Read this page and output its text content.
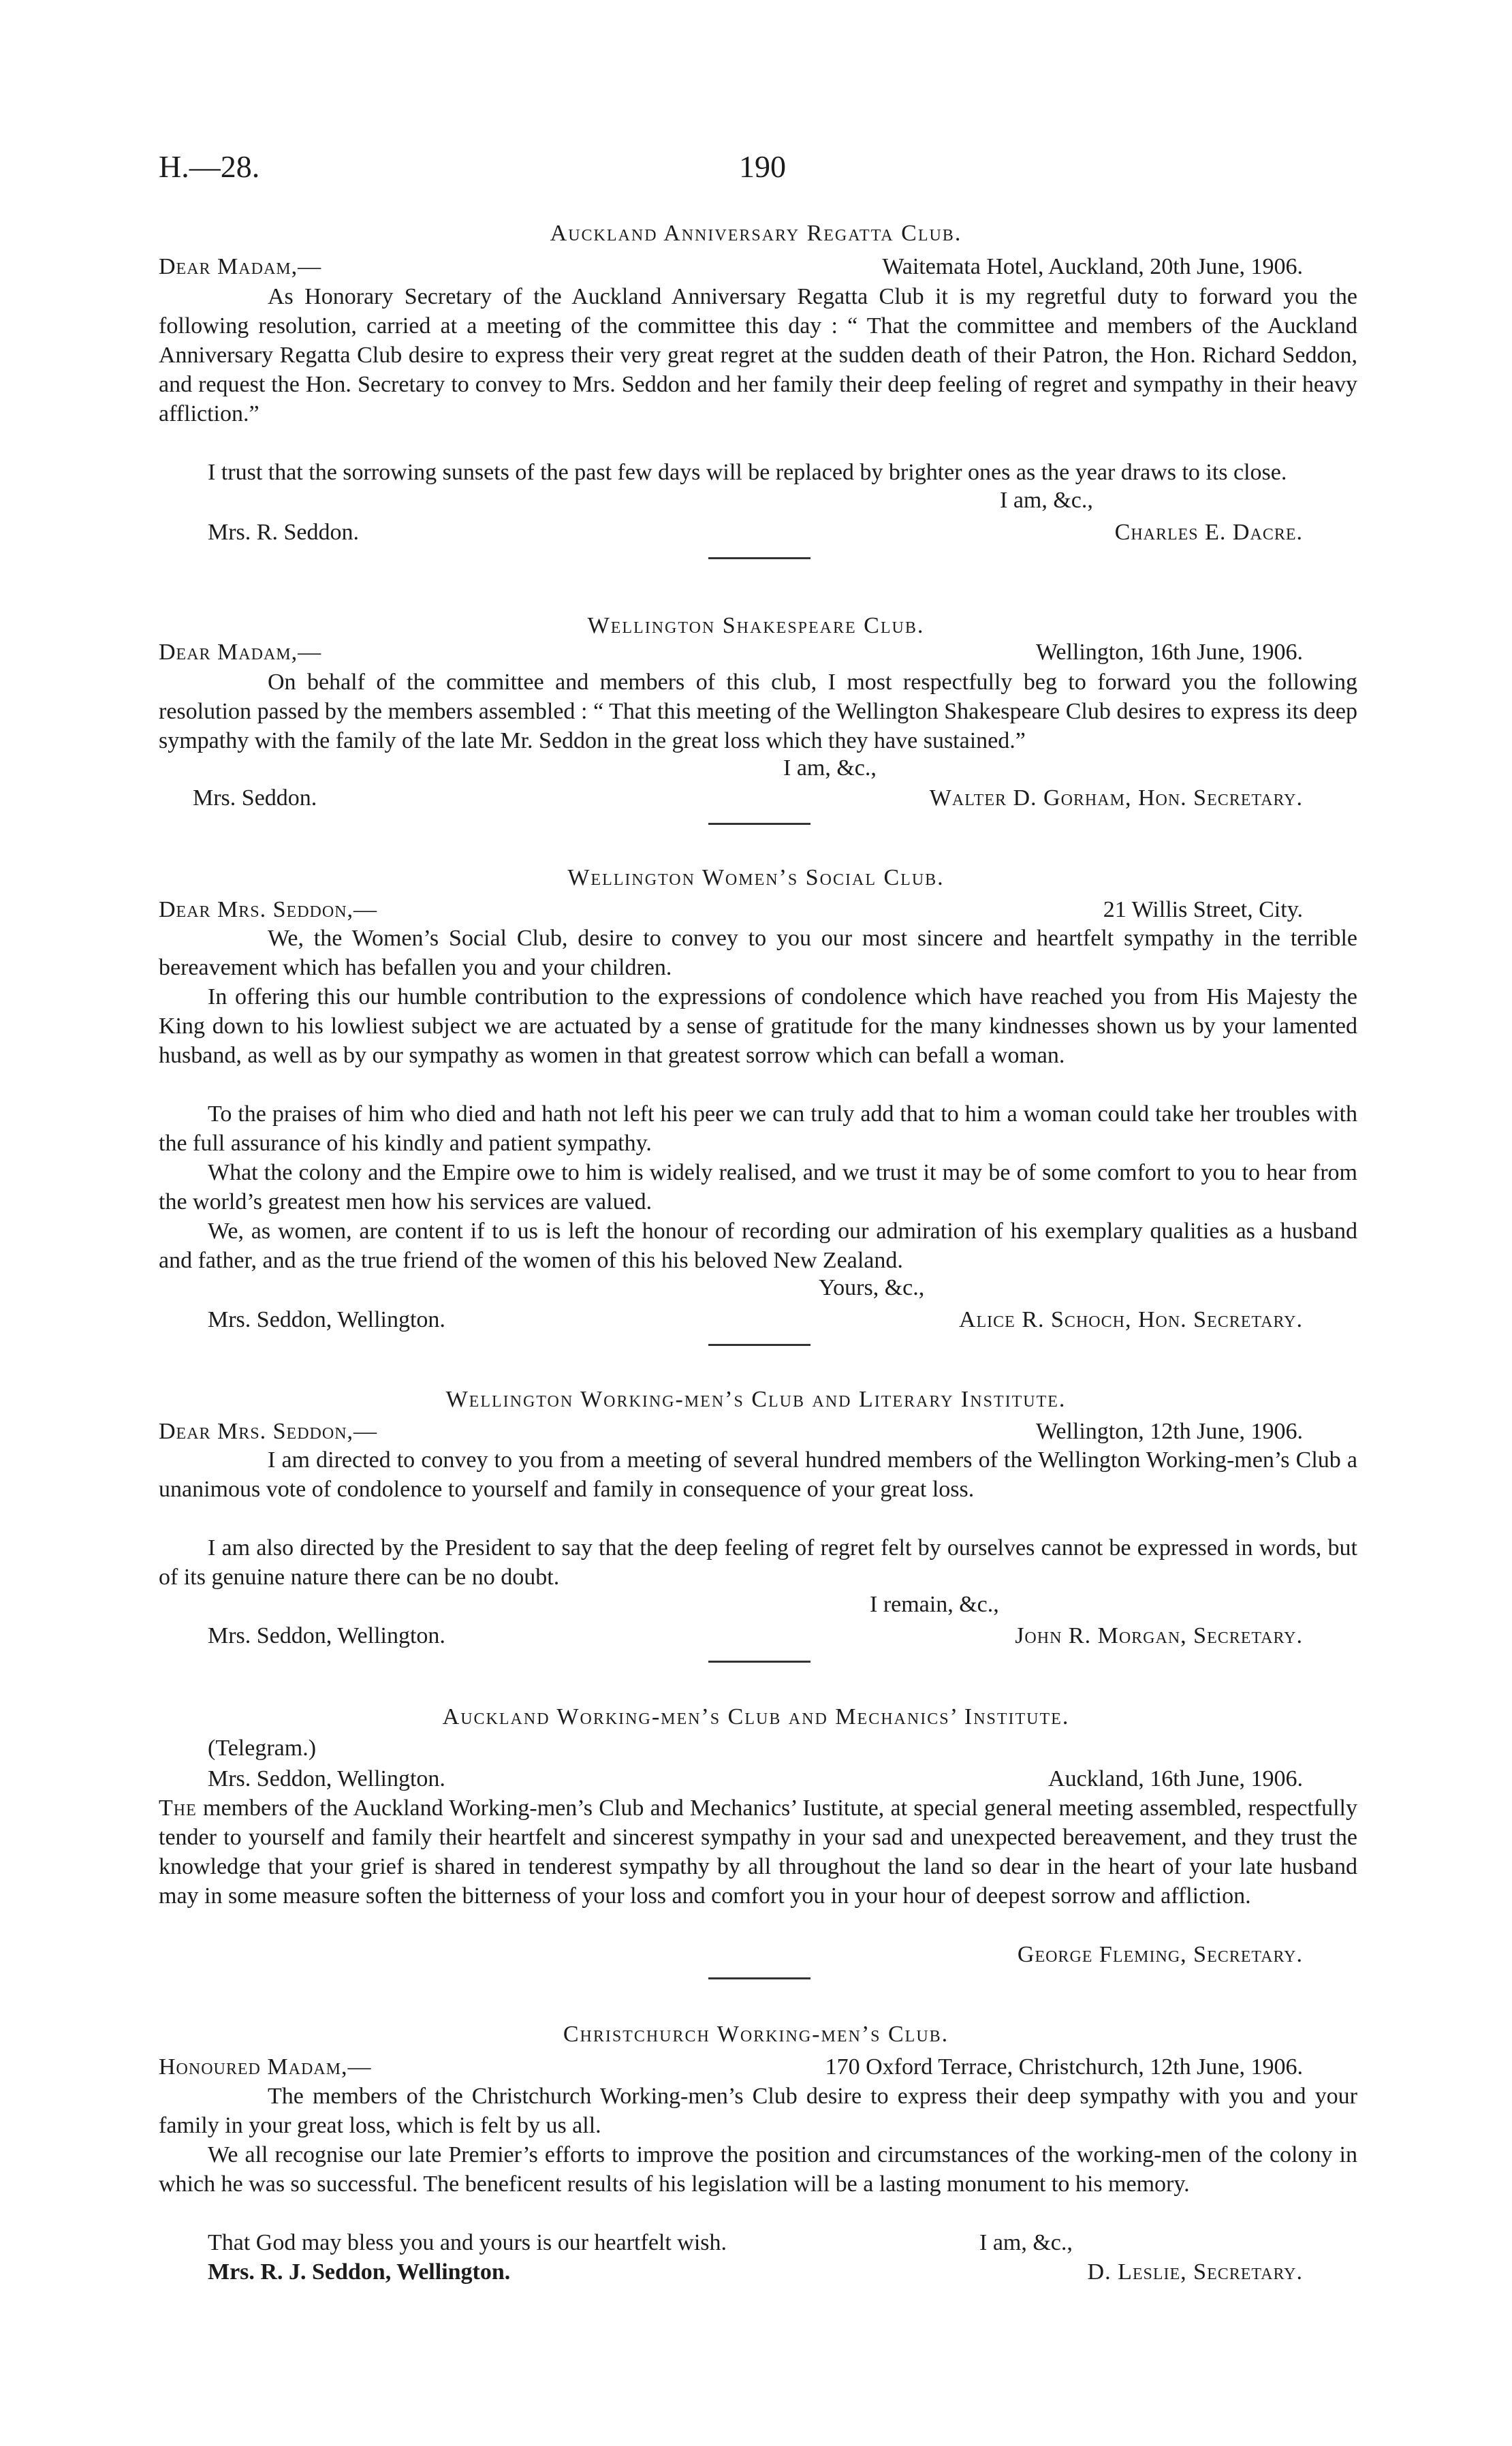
H.—28.	190
Auckland Anniversary Regatta Club.
Dear Madam,—	Waitemata Hotel, Auckland, 20th June, 1906.
As Honorary Secretary of the Auckland Anniversary Regatta Club it is my regretful duty to forward you the following resolution, carried at a meeting of the committee this day : “ That the committee and members of the Auckland Anniversary Regatta Club desire to express their very great regret at the sudden death of their Patron, the Hon. Richard Seddon, and request the Hon. Secretary to convey to Mrs. Seddon and her family their deep feeling of regret and sympathy in their heavy affliction.”
I trust that the sorrowing sunsets of the past few days will be replaced by brighter ones as the year draws to its close.
I am, &c.,
Mrs. R. Seddon.	Charles E. Dacre.
Wellington Shakespeare Club.
Dear Madam,—	Wellington, 16th June, 1906.
On behalf of the committee and members of this club, I most respectfully beg to forward you the following resolution passed by the members assembled : “ That this meeting of the Wellington Shakespeare Club desires to express its deep sympathy with the family of the late Mr. Seddon in the great loss which they have sustained.”
I am, &c.,
Mrs. Seddon.	Walter D. Gorham, Hon. Secretary.
Wellington Women’s Social Club.
Dear Mrs. Seddon,—	21 Willis Street, City.
We, the Women’s Social Club, desire to convey to you our most sincere and heartfelt sympathy in the terrible bereavement which has befallen you and your children.
In offering this our humble contribution to the expressions of condolence which have reached you from His Majesty the King down to his lowliest subject we are actuated by a sense of gratitude for the many kindnesses shown us by your lamented husband, as well as by our sympathy as women in that greatest sorrow which can befall a woman.
To the praises of him who died and hath not left his peer we can truly add that to him a woman could take her troubles with the full assurance of his kindly and patient sympathy.
What the colony and the Empire owe to him is widely realised, and we trust it may be of some comfort to you to hear from the world’s greatest men how his services are valued.
We, as women, are content if to us is left the honour of recording our admiration of his exemplary qualities as a husband and father, and as the true friend of the women of this his beloved New Zealand.
Yours, &c.,
Mrs. Seddon, Wellington.	Alice R. Schoch, Hon. Secretary.
Wellington Working-men’s Club and Literary Institute.
Dear Mrs. Seddon,—	Wellington, 12th June, 1906.
I am directed to convey to you from a meeting of several hundred members of the Wellington Working-men’s Club a unanimous vote of condolence to yourself and family in consequence of your great loss.
I am also directed by the President to say that the deep feeling of regret felt by ourselves cannot be expressed in words, but of its genuine nature there can be no doubt.
I remain, &c.,
Mrs. Seddon, Wellington.	John R. Morgan, Secretary.
Auckland Working-men’s Club and Mechanics’ Institute.
(Telegram.)
Mrs. Seddon, Wellington.	Auckland, 16th June, 1906.
The members of the Auckland Working-men’s Club and Mechanics’ Iustitute, at special general meeting assembled, respectfully tender to yourself and family their heartfelt and sincerest sympathy in your sad and unexpected bereavement, and they trust the knowledge that your grief is shared in tenderest sympathy by all throughout the land so dear in the heart of your late husband may in some measure soften the bitterness of your loss and comfort you in your hour of deepest sorrow and affliction.
George Fleming, Secretary.
Christchurch Working-men’s Club.
Honoured Madam,—	170 Oxford Terrace, Christchurch, 12th June, 1906.
The members of the Christchurch Working-men’s Club desire to express their deep sympathy with you and your family in your great loss, which is felt by us all.
We all recognise our late Premier’s efforts to improve the position and circumstances of the working-men of the colony in which he was so successful. The beneficent results of his legislation will be a lasting monument to his memory.
That God may bless you and yours is our heartfelt wish.	I am, &c.,
Mrs. R. J. Seddon, Wellington.	D. Leslie, Secretary.
